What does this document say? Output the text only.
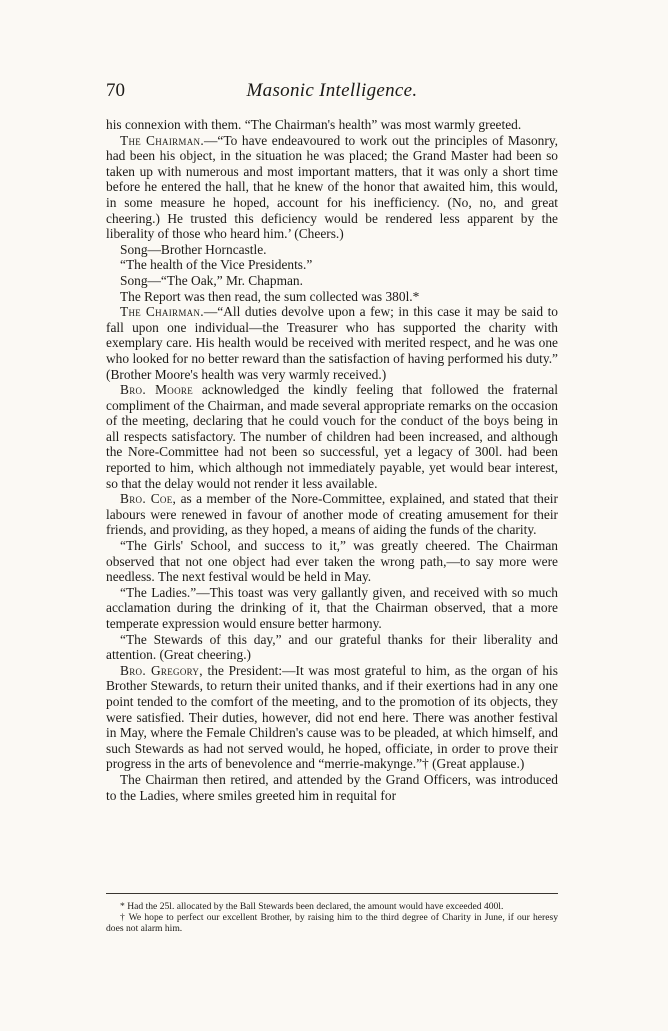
70	Masonic Intelligence.

his connexion with them. “The Chairman's health” was most warmly greeted.

The Chairman.—“To have endeavoured to work out the principles of Masonry, had been his object, in the situation he was placed; the Grand Master had been so taken up with numerous and most important matters, that it was only a short time before he entered the hall, that he knew of the honor that awaited him, this would, in some measure he hoped, account for his inefficiency. (No, no, and great cheering.) He trusted this deficiency would be rendered less apparent by the liberality of those who heard him.’ (Cheers.)

Song—Brother Horncastle.

“The health of the Vice Presidents.”

Song—“The Oak,” Mr. Chapman.

The Report was then read, the sum collected was 380l.*

The Chairman.—“All duties devolve upon a few; in this case it may be said to fall upon one individual—the Treasurer who has supported the charity with exemplary care. His health would be received with merited respect, and he was one who looked for no better reward than the satisfaction of having performed his duty.” (Brother Moore's health was very warmly received.)

Bro. Moore acknowledged the kindly feeling that followed the fraternal compliment of the Chairman, and made several appropriate remarks on the occasion of the meeting, declaring that he could vouch for the conduct of the boys being in all respects satisfactory. The number of children had been increased, and although the Nore-Committee had not been so successful, yet a legacy of 300l. had been reported to him, which although not immediately payable, yet would bear interest, so that the delay would not render it less available.

Bro. Coe, as a member of the Nore-Committee, explained, and stated that their labours were renewed in favour of another mode of creating amusement for their friends, and providing, as they hoped, a means of aiding the funds of the charity.

“The Girls' School, and success to it,” was greatly cheered. The Chairman observed that not one object had ever taken the wrong path,—to say more were needless. The next festival would be held in May.

“The Ladies.”—This toast was very gallantly given, and received with so much acclamation during the drinking of it, that the Chairman observed, that a more temperate expression would ensure better harmony.

“The Stewards of this day,” and our grateful thanks for their liberality and attention. (Great cheering.)

Bro. Gregory, the President:—It was most grateful to him, as the organ of his Brother Stewards, to return their united thanks, and if their exertions had in any one point tended to the comfort of the meeting, and to the promotion of its objects, they were satisfied. Their duties, however, did not end here. There was another festival in May, where the Female Children's cause was to be pleaded, at which himself, and such Stewards as had not served would, he hoped, officiate, in order to prove their progress in the arts of benevolence and “merrie-makynge.”† (Great applause.)

The Chairman then retired, and attended by the Grand Officers, was introduced to the Ladies, where smiles greeted him in requital for

* Had the 25l. allocated by the Ball Stewards been declared, the amount would have exceeded 400l.

† We hope to perfect our excellent Brother, by raising him to the third degree of Charity in June, if our heresy does not alarm him.
